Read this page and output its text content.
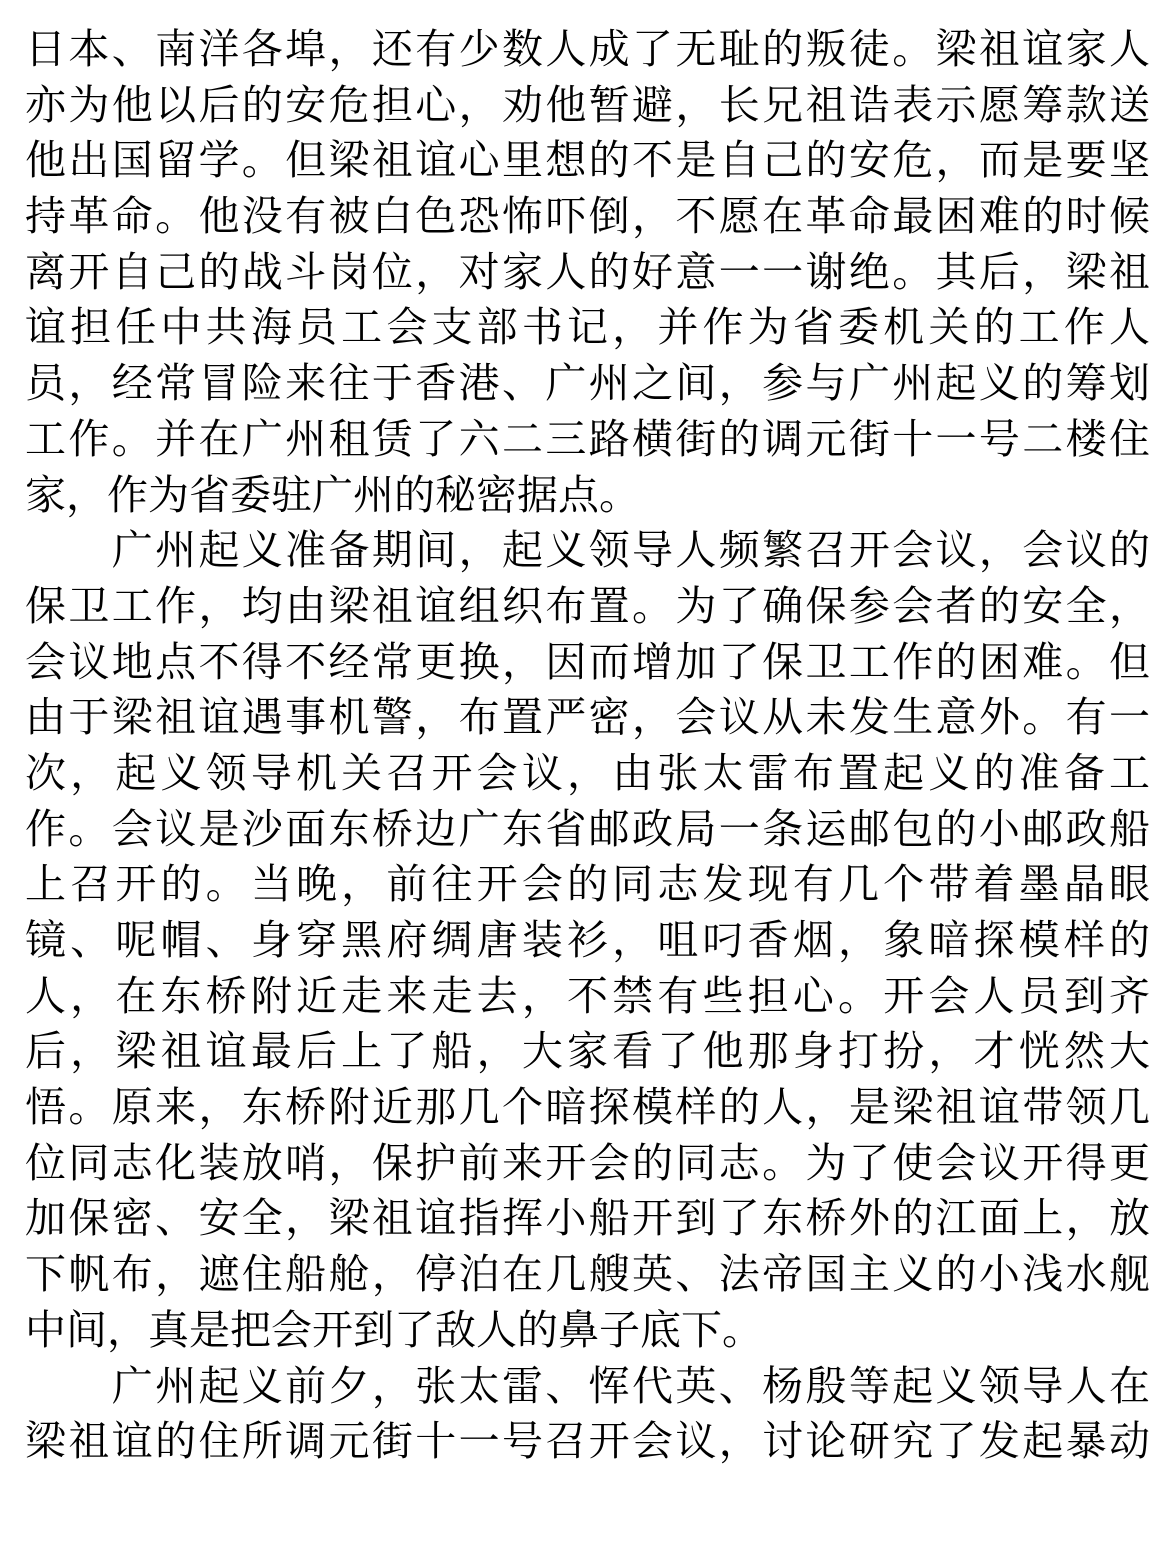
日本、南洋各埠，还有少数人成了无耻的叛徒。梁祖谊家人
亦为他以后的安危担心，劝他暂避，长兄祖诰表示愿筹款送
他出国留学。但梁祖谊心里想的不是自己的安危，而是要坚
持革命。他没有被白色恐怖吓倒，不愿在革命最困难的时候
离开自己的战斗岗位，对家人的好意一一谢绝。其后，梁祖
谊担任中共海员工会支部书记，并作为省委机关的工作人
员，经常冒险来往于香港、广州之间，参与广州起义的筹划
工作。并在广州租赁了六二三路横街的调元街十一号二楼住
家，作为省委驻广州的秘密据点。
　　广州起义准备期间，起义领导人频繁召开会议，会议的
保卫工作，均由梁祖谊组织布置。为了确保参会者的安全，
会议地点不得不经常更换，因而增加了保卫工作的困难。但
由于梁祖谊遇事机警，布置严密，会议从未发生意外。有一
次，起义领导机关召开会议，由张太雷布置起义的准备工
作。会议是沙面东桥边广东省邮政局一条运邮包的小邮政船
上召开的。当晚，前往开会的同志发现有几个带着墨晶眼
镜、呢帽、身穿黑府绸唐装衫，咀叼香烟，象暗探模样的
人，在东桥附近走来走去，不禁有些担心。开会人员到齐
后，梁祖谊最后上了船，大家看了他那身打扮，才恍然大
悟。原来，东桥附近那几个暗探模样的人，是梁祖谊带领几
位同志化装放哨，保护前来开会的同志。为了使会议开得更
加保密、安全，梁祖谊指挥小船开到了东桥外的江面上，放
下帆布，遮住船舱，停泊在几艘英、法帝国主义的小浅水舰
中间，真是把会开到了敌人的鼻子底下。
　　广州起义前夕，张太雷、恽代英、杨殷等起义领导人在
梁祖谊的住所调元街十一号召开会议，讨论研究了发起暴动
